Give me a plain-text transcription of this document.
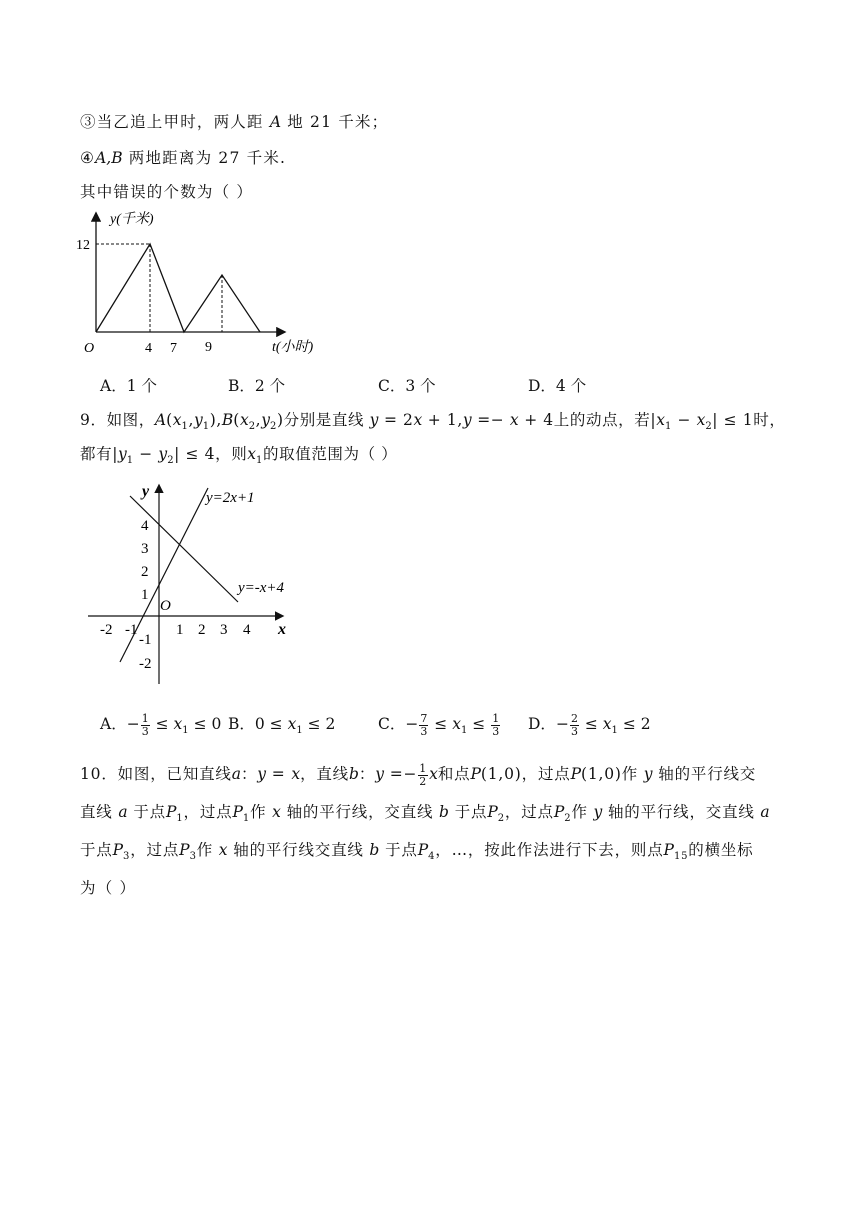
③当乙追上甲时，两人距 A 地 21 千米；
④A,B 两地距离为 27 千米.
其中错误的个数为（ ）
y(千米)
12
O	4 7 9	t(小时)
A．1 个	B．2 个	C．3 个	D．4 个
9．如图，$A(x_1,y_1),B(x_2,y_2)$分别是直线 y = 2x + 1,y =− x + 4上的动点，若$|x_1 - x_2| \le 1$时，
都有$|y_1 - y_2| \le 4$，则$x_1$的取值范围为（ ）
y=2x+1
y=-x+4
y
x
O
-2 -1	1 2 3 4
4
3
2
1
-1
-2
A．− $\frac{1}{3} \le x_1 \le 0$ B．$0 \le x_1 \le 2$	C．− $\frac{7}{3} \le x_1 \le \frac{1}{3}$ D．− $\frac{2}{3} \le x_1 \le 2$
10．如图，已知直线a：y = x，直线b：$y =- \frac{1}{2}$ x和点P(1,0)，过点P(1,0)作 y 轴的平行线交
直线 a 于点$P_1$，过点$P_1$作 x 轴的平行线，交直线 b 于点$P_2$，过点$P_2$作 y 轴的平行线，交直线 a
于点$P_3$，过点$P_3$作 x 轴的平行线交直线 b 于点$P_4$，…，按此作法进行下去，则点$P_{15}$的横坐标
为（ ）
